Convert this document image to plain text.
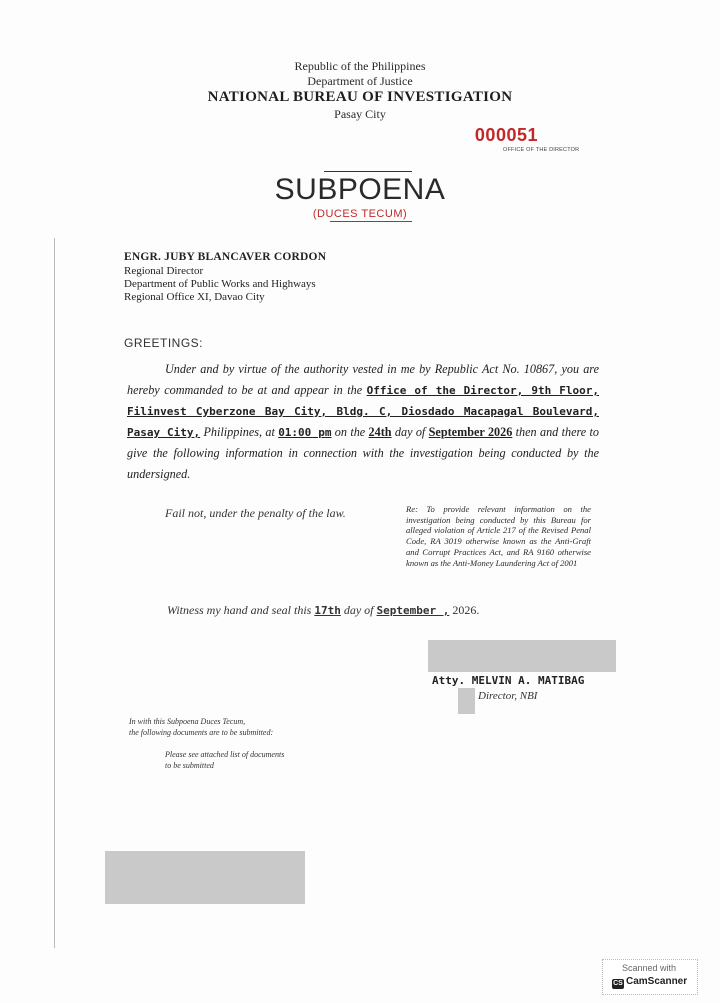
Republic of the Philippines
Department of Justice
NATIONAL BUREAU OF INVESTIGATION
Pasay City
000051
OFFICE OF THE DIRECTOR
SUBPOENA
(DUCES TECUM)
ENGR. JUBY BLANCAVER CORDON
Regional Director
Department of Public Works and Highways
Regional Office XI, Davao City
GREETINGS:
Under and by virtue of the authority vested in me by Republic Act No. 10867, you are hereby commanded to be at and appear in the Office of the Director, 9th Floor, Filinvest Cyberzone Bay City, Bldg. C, Diosdado Macapagal Boulevard, Pasay City, Philippines, at 01:00 pm on the 24th day of September 2026 then and there to give the following information in connection with the investigation being conducted by the undersigned.
Fail not, under the penalty of the law.	Re: To provide relevant information on the investigation being conducted by this Bureau for alleged violation of Article 217 of the Revised Penal Code, RA 3019 otherwise known as the Anti-Graft and Corrupt Practices Act, and RA 9160 otherwise known as the Anti-Money Laundering Act of 2001
Witness my hand and seal this 17th day of September , 2026.
Atty. MELVIN A. MATIBAG
Director, NBI
In with this Subpoena Duces Tecum,
the following documents are to be submitted:
Please see attached list of documents
to be submitted
Scanned with
CS CamScanner
